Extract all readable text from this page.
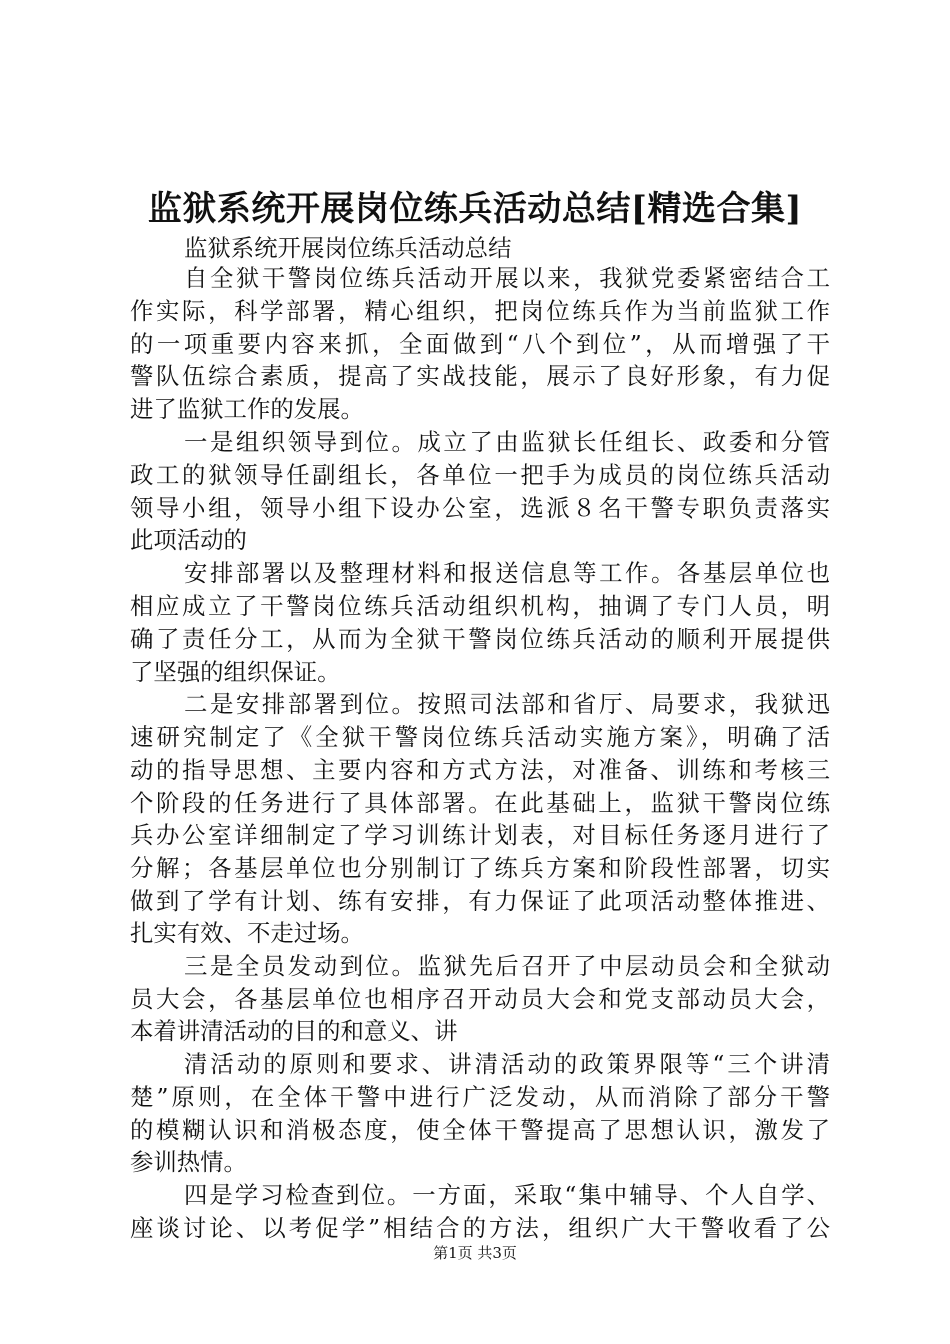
监狱系统开展岗位练兵活动总结[精选合集]
监狱系统开展岗位练兵活动总结
自全狱干警岗位练兵活动开展以来，我狱党委紧密结合工
作实际，科学部署，精心组织，把岗位练兵作为当前监狱工作
的一项重要内容来抓，全面做到“八个到位”，从而增强了干
警队伍综合素质，提高了实战技能，展示了良好形象，有力促
进了监狱工作的发展。
一是组织领导到位。成立了由监狱长任组长、政委和分管
政工的狱领导任副组长，各单位一把手为成员的岗位练兵活动
领导小组，领导小组下设办公室，选派８名干警专职负责落实
此项活动的
安排部署以及整理材料和报送信息等工作。各基层单位也
相应成立了干警岗位练兵活动组织机构，抽调了专门人员，明
确了责任分工，从而为全狱干警岗位练兵活动的顺利开展提供
了坚强的组织保证。
二是安排部署到位。按照司法部和省厅、局要求，我狱迅
速研究制定了《全狱干警岗位练兵活动实施方案》，明确了活
动的指导思想、主要内容和方式方法，对准备、训练和考核三
个阶段的任务进行了具体部署。在此基础上，监狱干警岗位练
兵办公室详细制定了学习训练计划表，对目标任务逐月进行了
分解；各基层单位也分别制订了练兵方案和阶段性部署，切实
做到了学有计划、练有安排，有力保证了此项活动整体推进、
扎实有效、不走过场。
三是全员发动到位。监狱先后召开了中层动员会和全狱动
员大会，各基层单位也相序召开动员大会和党支部动员大会，
本着讲清活动的目的和意义、讲
清活动的原则和要求、讲清活动的政策界限等“三个讲清
楚”原则，在全体干警中进行广泛发动，从而消除了部分干警
的模糊认识和消极态度，使全体干警提高了思想认识，激发了
参训热情。
四是学习检查到位。一方面，采取“集中辅导、个人自学、
座谈讨论、以考促学”相结合的方法，组织广大干警收看了公
第1页 共3页
